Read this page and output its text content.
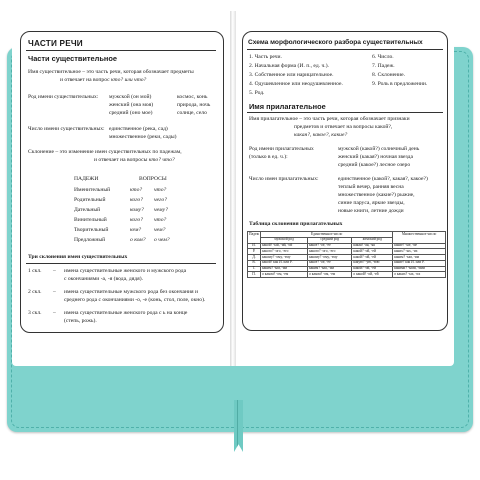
ЧАСТИ РЕЧИ
Части существительное
Имя существительное – это часть речи, которая обозначает предметы
и отвечает на вопрос кто? или что?
Род имени существительных: мужской (он мой)	космос, конь
женский (она моя)	природа, ночь
средний (оно мое)	солнце, село
Число имени существительных: единственное (река, сад)
множественное (реки, сады)
Склонение – это изменение имен существительных по падежам,
и отвечает на вопросы кто? что?
ПАДЕЖИ	ВОПРОСЫ
Именительный	кто? что?
Родительный	кого? чего?
Дательный	кому? чему?
Винительный	кого? что?
Творительный	кем? чем?
Предложный	о ком? о чем?
Три склонения имен существительных
1 скл. – имена существительные женского и мужского рода
с окончаниями -а, -я (вода, дядя).
2 скл. – имена существительные мужского рода без окончания и
среднего рода с окончаниями -о, -е (конь, стол, поле, окно).
3 скл. – имена существительные женского рода с ь на конце
(степь, рожь).
Схема морфологического разбора существительных
1. Часть речи.
2. Начальная форма (И. п., ед. ч.).
3. Собственное или нарицательное.
4. Одушевленное или неодушевленное.
5. Род.
6. Число.
7. Падеж.
8. Склонение.
9. Роль в предложении.
Имя прилагательное
Имя прилагательное – это часть речи, которая обозначает признаки
предметов и отвечает на вопросы какой?,
какая?, какое?, какие?
Род имени прилагательных
(только в ед. ч.):
мужской (какой?) солнечный день
женский (какая?) ночная звезда
средний (какое?) лесное озеро
Число имен прилагательных:	единственное (какой?, какая?, какое?)
теплый вечер, ранняя весна
множественное (какие?) рыжие,
синие паруса, яркие звезды,
новые книги, летние дожди
Таблица склонения прилагательных
Падеж	Единственное число			Множественное число
	мужской род	средний род	женский род	
И.	какой? -ый, -ий, -ой	какое? -ое, -ее	какая? -ая, -яя	какие? -ые, -ие
Р.	какого? -ого, -его	какого? -ого, -его	какой? -ой, -ей	каких? -ых, -их
Д.	какому? -ому, -ему	какому? -ому, -ему	какой? -ой, -ей	каким? -ым, -им
В.	какой? как И. или Р.	какое? -ое, -ее	какую? -ую, -юю	какие? как И. или Р.
Т.	каким? -ым, -им	каким? -ым, -им	какой? -ой, -ей	какими? -ыми, -ими
П.	о каком? -ом, -ем	о каком? -ом, -ем	о какой? -ой, -ей	о каких? -ых, -их
